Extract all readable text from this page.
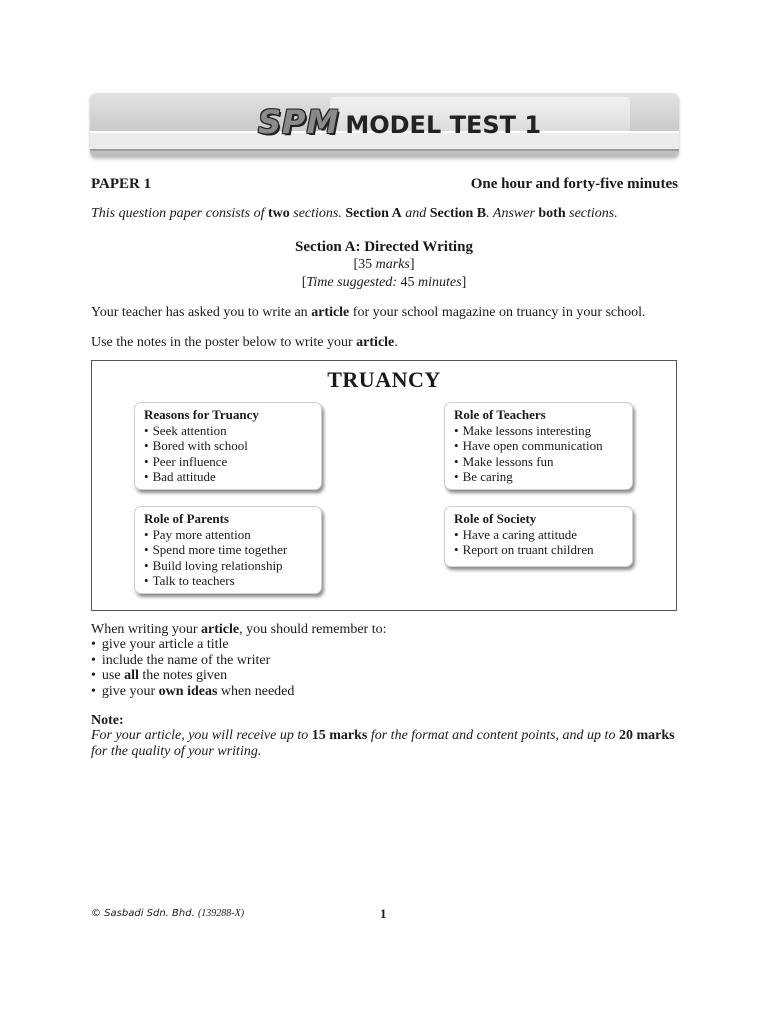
SPM MODEL TEST 1
PAPER 1	One hour and forty-five minutes
This question paper consists of two sections. Section A and Section B. Answer both sections.
Section A: Directed Writing
[35 marks]
[Time suggested: 45 minutes]
Your teacher has asked you to write an article for your school magazine on truancy in your school.
Use the notes in the poster below to write your article.
TRUANCY
Reasons for Truancy
• Seek attention
• Bored with school
• Peer influence
• Bad attitude
Role of Teachers
• Make lessons interesting
• Have open communication
• Make lessons fun
• Be caring
Role of Parents
• Pay more attention
• Spend more time together
• Build loving relationship
• Talk to teachers
Role of Society
• Have a caring attitude
• Report on truant children
When writing your article, you should remember to:
• give your article a title
• include the name of the writer
• use all the notes given
• give your own ideas when needed
Note:
For your article, you will receive up to 15 marks for the format and content points, and up to 20 marks for the quality of your writing.
© Sasbadi Sdn. Bhd. (139288-X)	1
